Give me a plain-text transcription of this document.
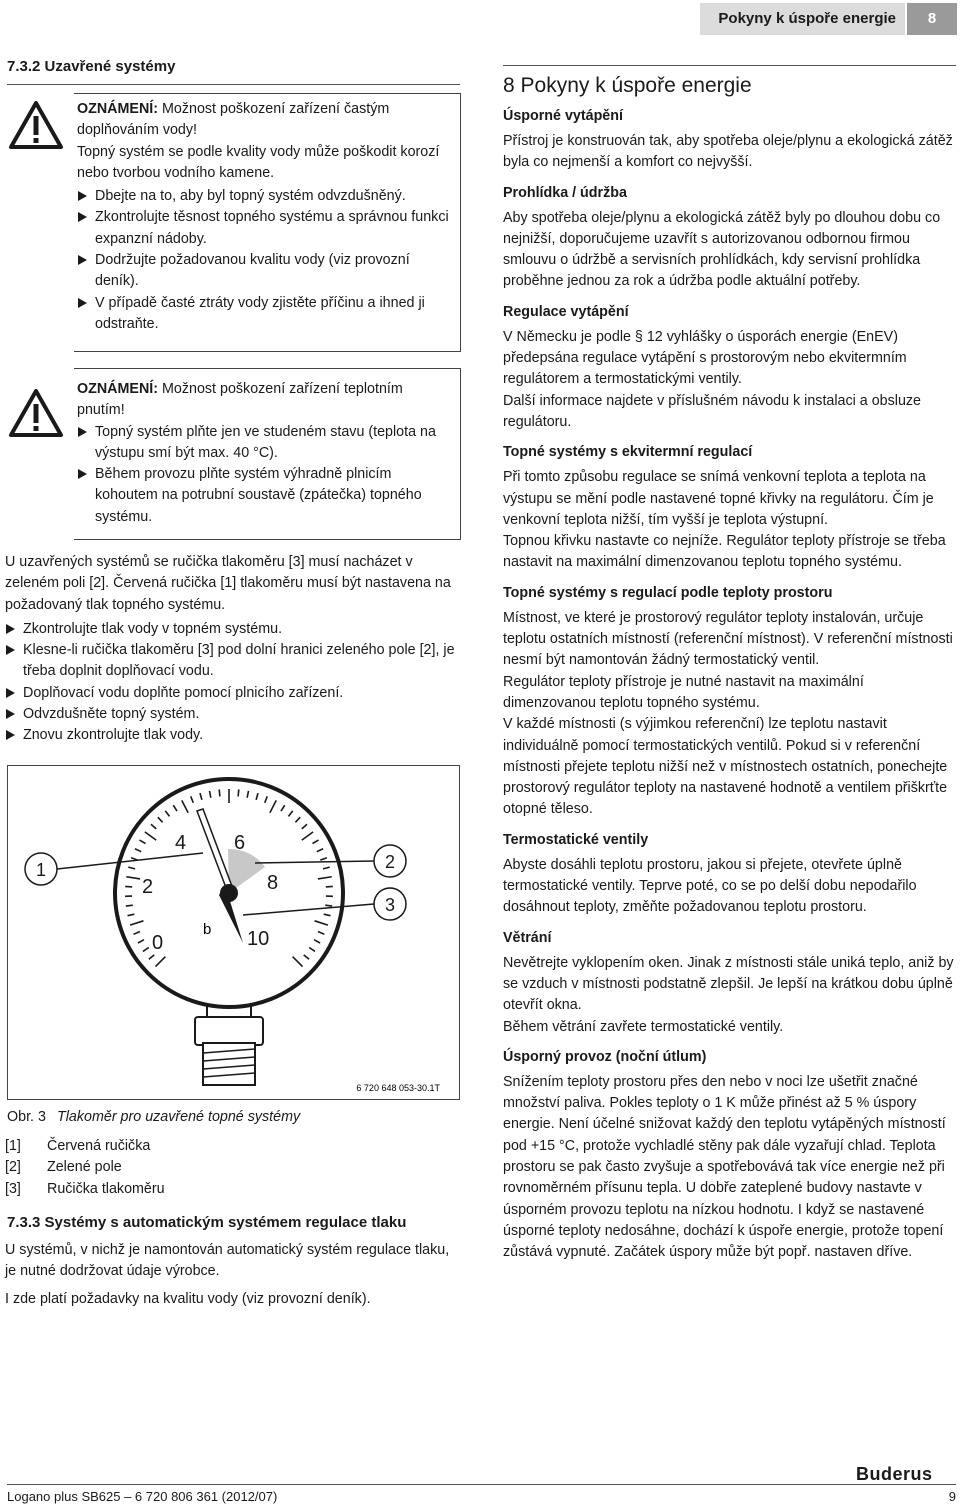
Pokyny k úspoře energie	8
7.3.2 Uzavřené systémy

OZNÁMENÍ: Možnost poškození zařízení častým doplňováním vody!

Topný systém se podle kvality vody může poškodit korozí nebo tvorbou vodního kamene.

Dbejte na to, aby byl topný systém odvzdušněný.
Zkontrolujte těsnost topného systému a správnou funkci expanzní nádoby.
Dodržujte požadovanou kvalitu vody (viz provozní deník).
V případě časté ztráty vody zjistěte příčinu a ihned ji odstraňte.

OZNÁMENÍ: Možnost poškození zařízení teplotním pnutím!

Topný systém plňte jen ve studeném stavu (teplota na výstupu smí být max. 40 °C).
Během provozu plňte systém výhradně plnicím kohoutem na potrubní soustavě (zpátečka) topného systému.

U uzavřených systémů se ručička tlakoměru [3] musí nacházet v zeleném poli [2]. Červená ručička [1] tlakoměru musí být nastavena na požadovaný tlak topného systému.

Zkontrolujte tlak vody v topném systému.
Klesne-li ručička tlakoměru [3] pod dolní hranici zeleného pole [2], je třeba doplnit doplňovací vodu.
Doplňovací vodu doplňte pomocí plnicího zařízení.
Odvzdušněte topný systém.
Znovu zkontrolujte tlak vody.
0
2
4 6
8
10
b
1	2
3
6 720 648 053-30.1T
Obr. 3 Tlakoměr pro uzavřené topné systémy
[1] Červená ručička
[2] Zelené pole
[3] Ručička tlakoměru
7.3.3 Systémy s automatickým systémem regulace tlaku

U systémů, v nichž je namontován automatický systém regulace tlaku, je nutné dodržovat údaje výrobce.

I zde platí požadavky na kvalitu vody (viz provozní deník).

8 Pokyny k úspoře energie
Úsporné vytápění

Přístroj je konstruován tak, aby spotřeba oleje/plynu a ekologická zátěž byla co nejmenší a komfort co nejvyšší.

Prohlídka / údržba

Aby spotřeba oleje/plynu a ekologická zátěž byly po dlouhou dobu co nejnižší, doporučujeme uzavřít s autorizovanou odbornou firmou smlouvu o údržbě a servisních prohlídkách, kdy servisní prohlídka proběhne jednou za rok a údržba podle aktuální potřeby.

Regulace vytápění

V Německu je podle § 12 vyhlášky o úsporách energie (EnEV) předepsána regulace vytápění s prostorovým nebo ekvitermním regulátorem a termostatickými ventily.

Další informace najdete v příslušném návodu k instalaci a obsluze regulátoru.

Topné systémy s ekvitermní regulací

Při tomto způsobu regulace se snímá venkovní teplota a teplota na výstupu se mění podle nastavené topné křivky na regulátoru. Čím je venkovní teplota nižší, tím vyšší je teplota výstupní.

Topnou křivku nastavte co nejníže. Regulátor teploty přístroje se třeba nastavit na maximální dimenzovanou teplotu topného systému.

Topné systémy s regulací podle teploty prostoru

Místnost, ve které je prostorový regulátor teploty instalován, určuje teplotu ostatních místností (referenční místnost). V referenční místnosti nesmí být namontován žádný termostatický ventil.

Regulátor teploty přístroje je nutné nastavit na maximální dimenzovanou teplotu topného systému.

V každé místnosti (s výjimkou referenční) lze teplotu nastavit individuálně pomocí termostatických ventilů. Pokud si v referenční místnosti přejete teplotu nižší než v místnostech ostatních, ponechejte prostorový regulátor teploty na nastavené hodnotě a ventilem přiškrťte otopné těleso.

Termostatické ventily

Abyste dosáhli teplotu prostoru, jakou si přejete, otevřete úplně termostatické ventily. Teprve poté, co se po delší dobu nepodařilo dosáhnout teploty, změňte požadovanou teplotu prostoru.

Větrání

Nevětrejte vyklopením oken. Jinak z místnosti stále uniká teplo, aniž by se vzduch v místnosti podstatně zlepšil. Je lepší na krátkou dobu úplně otevřít okna.

Během větrání zavřete termostatické ventily.

Úsporný provoz (noční útlum)

Snížením teploty prostoru přes den nebo v noci lze ušetřit značné množství paliva. Pokles teploty o 1 K může přinést až 5 % úspory energie. Není účelné snižovat každý den teplotu vytápěných místností pod +15 °C, protože vychladlé stěny pak dále vyzařují chlad. Teplota prostoru se pak často zvyšuje a spotřebovává tak více energie než při rovnoměrném přísunu tepla. U dobře zateplené budovy nastavte v úsporném provozu teplotu na nízkou hodnotu. I když se nastavené úsporné teploty nedosáhne, dochází k úspoře energie, protože topení zůstává vypnuté. Začátek úspory může být popř. nastaven dříve.

Buderus
Logano plus SB625 – 6 720 806 361 (2012/07)	9
